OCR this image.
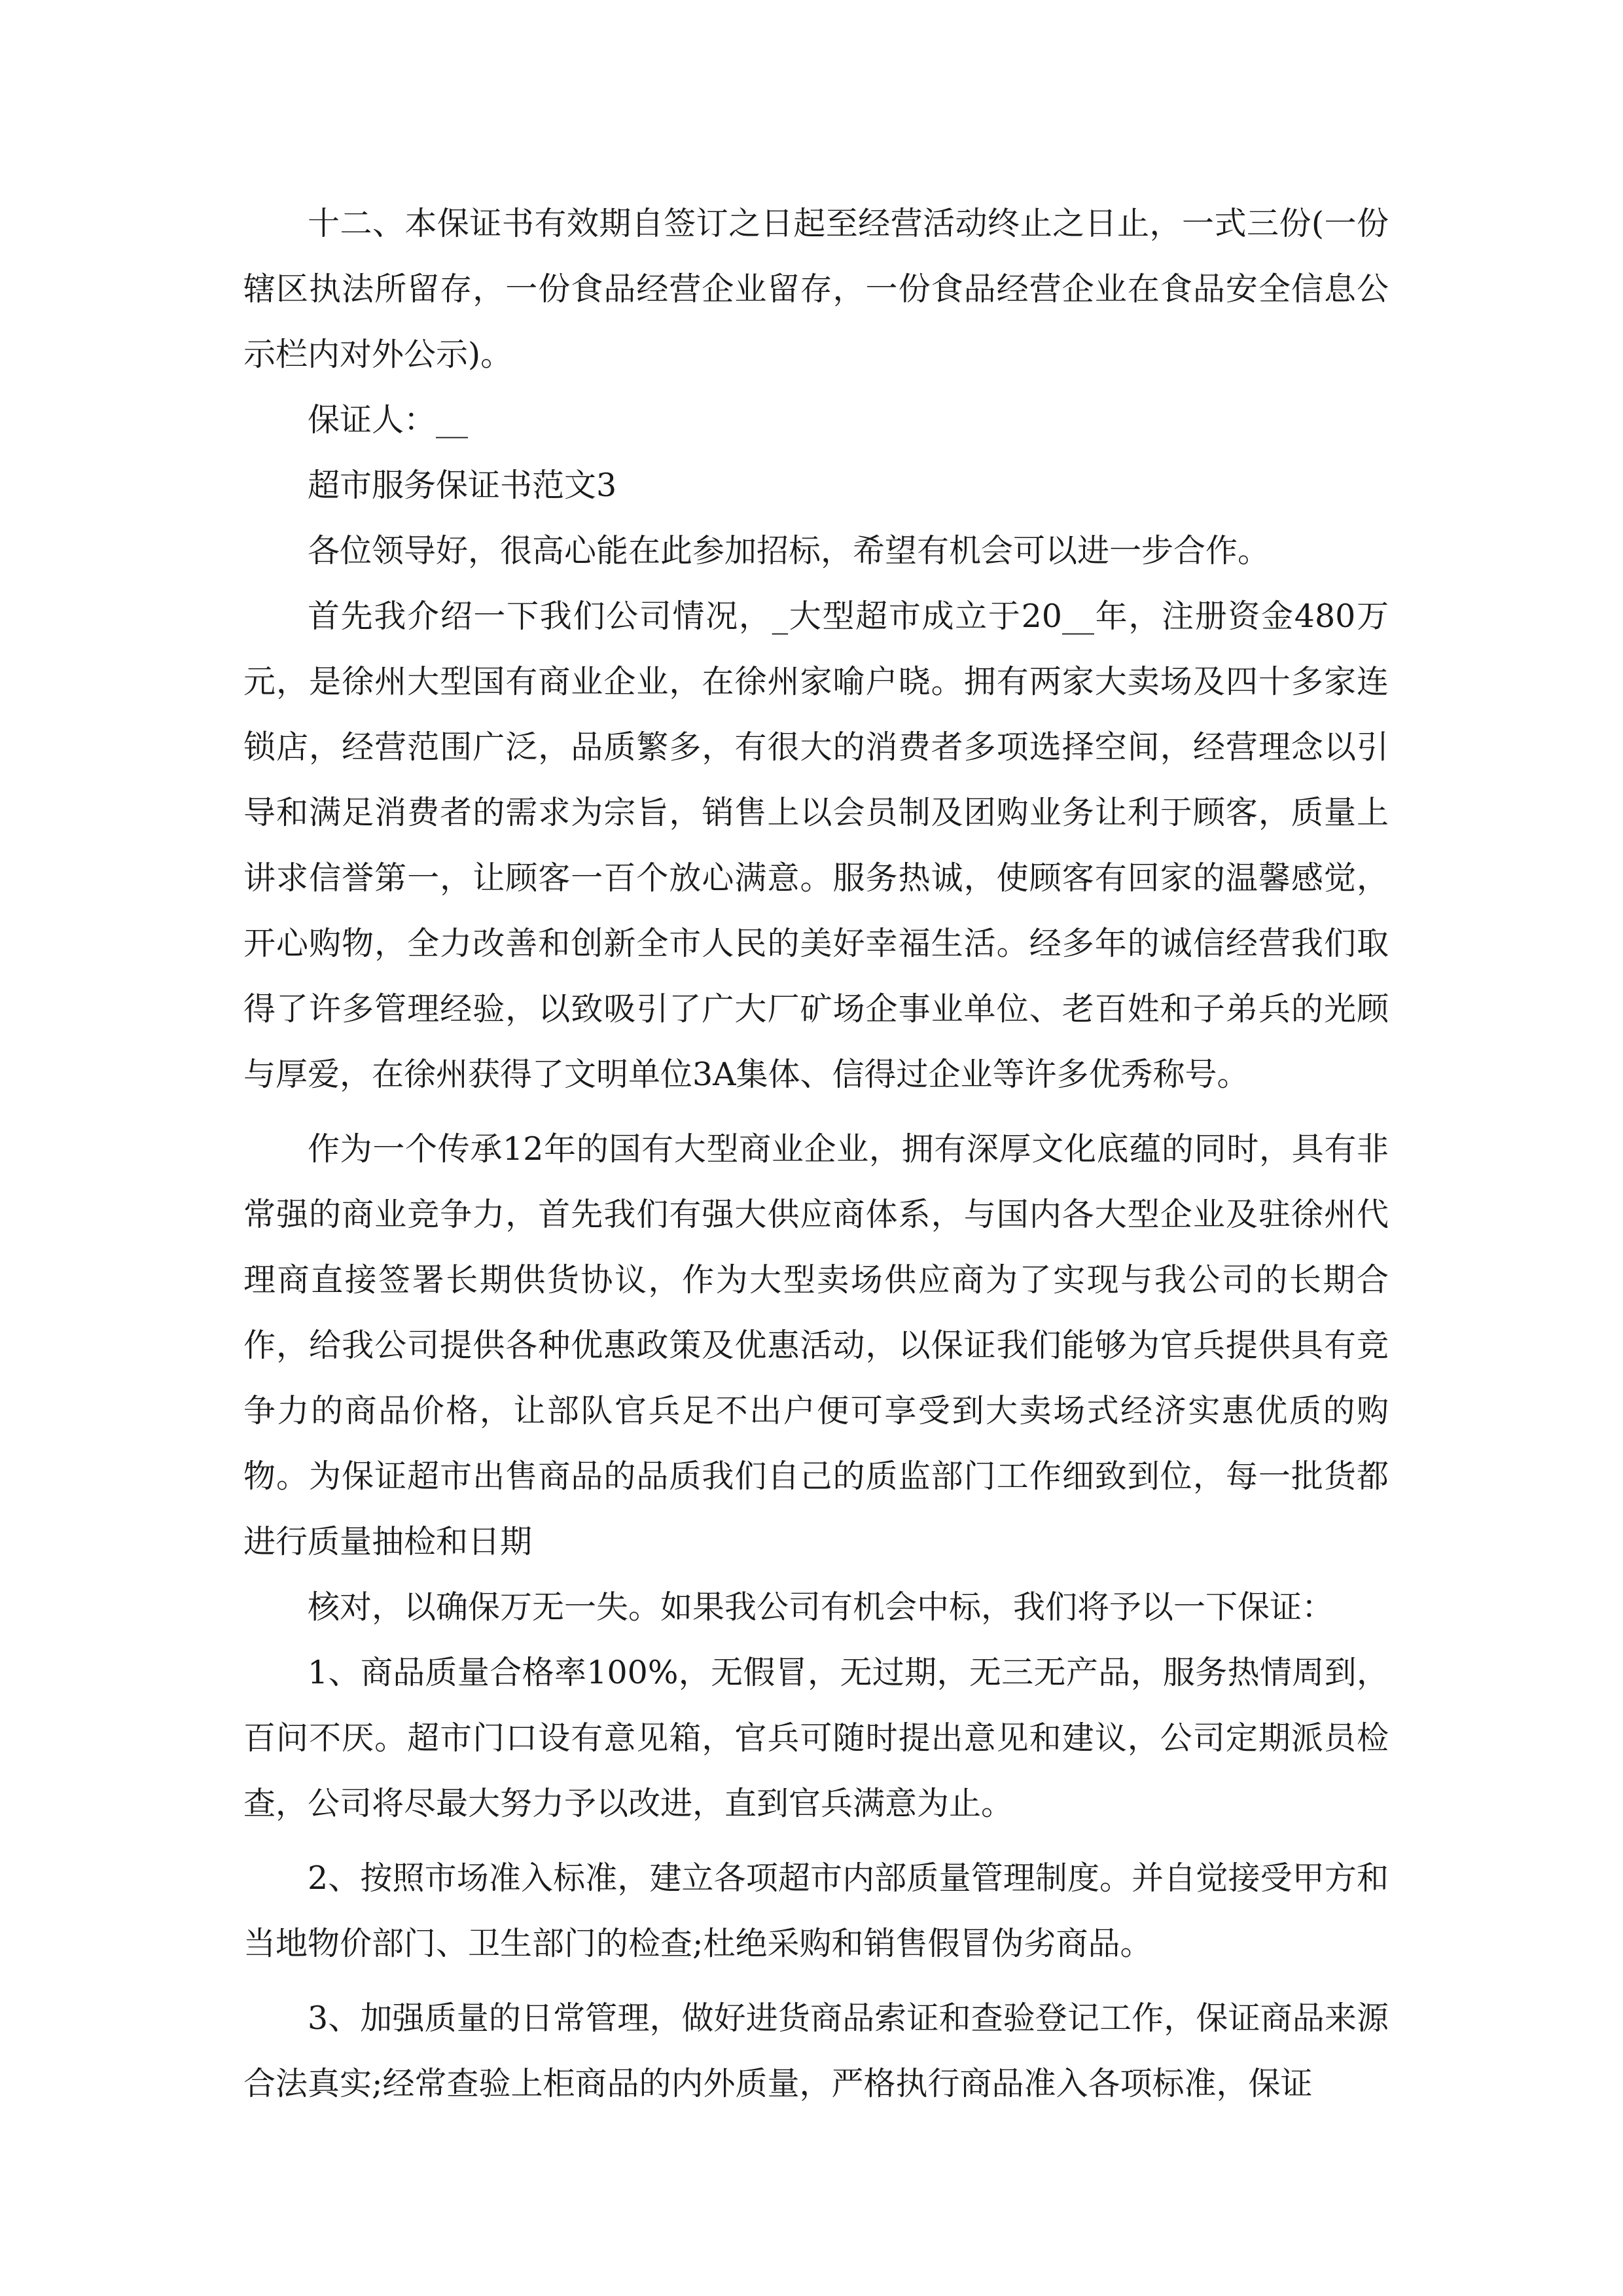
十二、本保证书有效期自签订之日起至经营活动终止之日止，一式三份(一份辖区执法所留存，一份食品经营企业留存，一份食品经营企业在食品安全信息公示栏内对外公示)。

保证人：__

超市服务保证书范文3

各位领导好，很高心能在此参加招标，希望有机会可以进一步合作。

首先我介绍一下我们公司情况，_大型超市成立于20__年，注册资金480万元，是徐州大型国有商业企业，在徐州家喻户晓。拥有两家大卖场及四十多家连锁店，经营范围广泛，品质繁多，有很大的消费者多项选择空间，经营理念以引导和满足消费者的需求为宗旨，销售上以会员制及团购业务让利于顾客，质量上讲求信誉第一，让顾客一百个放心满意。服务热诚，使顾客有回家的温馨感觉，开心购物，全力改善和创新全市人民的美好幸福生活。经多年的诚信经营我们取得了许多管理经验，以致吸引了广大厂矿场企事业单位、老百姓和子弟兵的光顾与厚爱，在徐州获得了文明单位3A集体、信得过企业等许多优秀称号。

作为一个传承12年的国有大型商业企业，拥有深厚文化底蕴的同时，具有非常强的商业竞争力，首先我们有强大供应商体系，与国内各大型企业及驻徐州代理商直接签署长期供货协议，作为大型卖场供应商为了实现与我公司的长期合作，给我公司提供各种优惠政策及优惠活动，以保证我们能够为官兵提供具有竞争力的商品价格，让部队官兵足不出户便可享受到大卖场式经济实惠优质的购物。为保证超市出售商品的品质我们自己的质监部门工作细致到位，每一批货都进行质量抽检和日期

核对，以确保万无一失。如果我公司有机会中标，我们将予以一下保证：

1、商品质量合格率100%，无假冒，无过期，无三无产品，服务热情周到，百问不厌。超市门口设有意见箱，官兵可随时提出意见和建议，公司定期派员检查，公司将尽最大努力予以改进，直到官兵满意为止。

2、按照市场准入标准，建立各项超市内部质量管理制度。并自觉接受甲方和当地物价部门、卫生部门的检查;杜绝采购和销售假冒伪劣商品。

3、加强质量的日常管理，做好进货商品索证和查验登记工作，保证商品来源合法真实;经常查验上柜商品的内外质量，严格执行商品准入各项标准，保证
